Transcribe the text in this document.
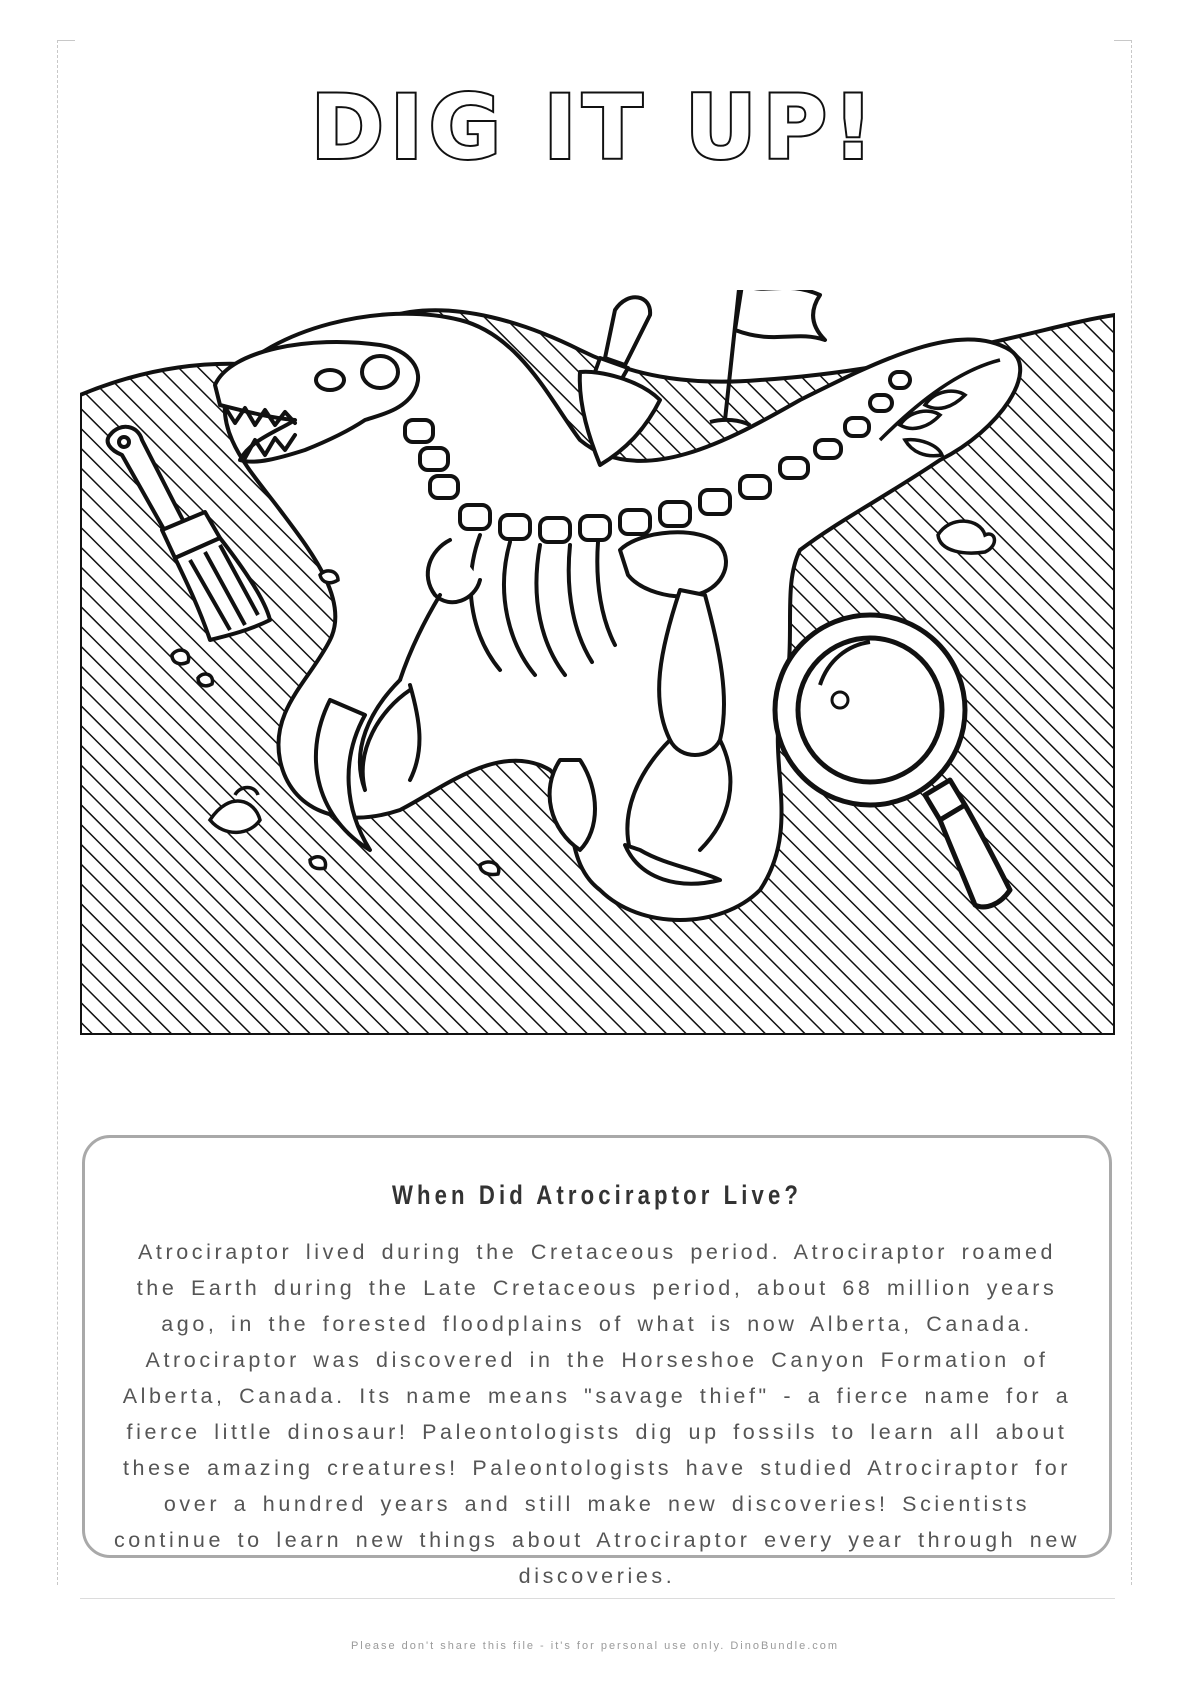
DIG IT UP!
When Did Atrociraptor Live?
Atrociraptor lived during the Cretaceous period. Atrociraptor roamed the Earth during the Late Cretaceous period, about 68 million years ago, in the forested floodplains of what is now Alberta, Canada. Atrociraptor was discovered in the Horseshoe Canyon Formation of Alberta, Canada. Its name means "savage thief" - a fierce name for a fierce little dinosaur! Paleontologists dig up fossils to learn all about these amazing creatures! Paleontologists have studied Atrociraptor for over a hundred years and still make new discoveries! Scientists continue to learn new things about Atrociraptor every year through new discoveries.
Please don't share this file - it's for personal use only. DinoBundle.com
